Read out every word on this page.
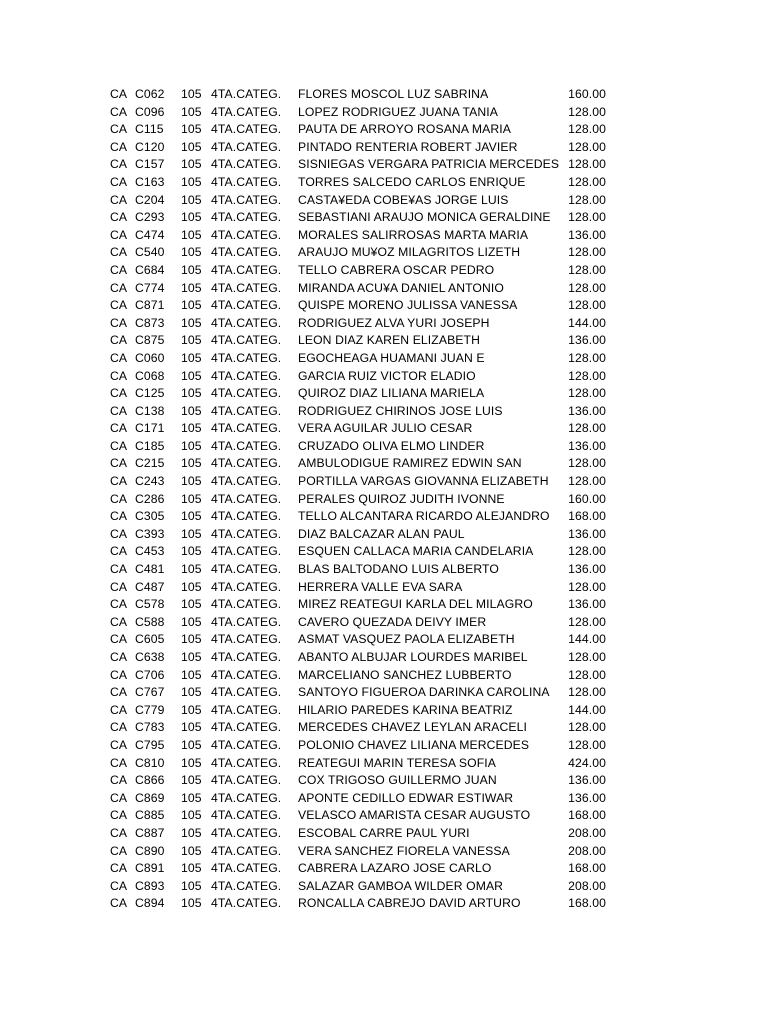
CA C062 105 4TA.CATEG. FLORES MOSCOL LUZ SABRINA	160.00
CA C096 105 4TA.CATEG. LOPEZ RODRIGUEZ JUANA TANIA	128.00
CA C115 105 4TA.CATEG. PAUTA DE ARROYO ROSANA MARIA	128.00
CA C120 105 4TA.CATEG. PINTADO RENTERIA ROBERT JAVIER	128.00
CA C157 105 4TA.CATEG. SISNIEGAS VERGARA PATRICIA MERCEDES 128.00
CA C163 105 4TA.CATEG. TORRES SALCEDO CARLOS ENRIQUE	128.00
CA C204 105 4TA.CATEG. CASTA¥EDA COBE¥AS JORGE LUIS	128.00
CA C293 105 4TA.CATEG. SEBASTIANI ARAUJO MONICA GERALDINE	128.00
CA C474 105 4TA.CATEG. MORALES SALIRROSAS MARTA MARIA	136.00
CA C540 105 4TA.CATEG. ARAUJO MU¥OZ MILAGRITOS LIZETH	128.00
CA C684 105 4TA.CATEG. TELLO CABRERA OSCAR PEDRO	128.00
CA C774 105 4TA.CATEG. MIRANDA ACU¥A DANIEL ANTONIO	128.00
CA C871 105 4TA.CATEG. QUISPE MORENO JULISSA VANESSA	128.00
CA C873 105 4TA.CATEG. RODRIGUEZ ALVA YURI JOSEPH	144.00
CA C875 105 4TA.CATEG. LEON DIAZ KAREN ELIZABETH	136.00
CA C060 105 4TA.CATEG. EGOCHEAGA HUAMANI JUAN E	128.00
CA C068 105 4TA.CATEG. GARCIA RUIZ VICTOR ELADIO	128.00
CA C125 105 4TA.CATEG. QUIROZ DIAZ LILIANA MARIELA	128.00
CA C138 105 4TA.CATEG. RODRIGUEZ CHIRINOS JOSE LUIS	136.00
CA C171 105 4TA.CATEG. VERA AGUILAR JULIO CESAR	128.00
CA C185 105 4TA.CATEG. CRUZADO OLIVA ELMO LINDER	136.00
CA C215 105 4TA.CATEG. AMBULODIGUE RAMIREZ EDWIN SAN	128.00
CA C243 105 4TA.CATEG. PORTILLA VARGAS GIOVANNA ELIZABETH	128.00
CA C286 105 4TA.CATEG. PERALES QUIROZ JUDITH IVONNE	160.00
CA C305 105 4TA.CATEG. TELLO ALCANTARA RICARDO ALEJANDRO	168.00
CA C393 105 4TA.CATEG. DIAZ BALCAZAR ALAN PAUL	136.00
CA C453 105 4TA.CATEG. ESQUEN CALLACA MARIA CANDELARIA	128.00
CA C481 105 4TA.CATEG. BLAS BALTODANO LUIS ALBERTO	136.00
CA C487 105 4TA.CATEG. HERRERA VALLE EVA SARA	128.00
CA C578 105 4TA.CATEG. MIREZ REATEGUI KARLA DEL MILAGRO	136.00
CA C588 105 4TA.CATEG. CAVERO QUEZADA DEIVY IMER	128.00
CA C605 105 4TA.CATEG. ASMAT VASQUEZ PAOLA ELIZABETH	144.00
CA C638 105 4TA.CATEG. ABANTO ALBUJAR LOURDES MARIBEL	128.00
CA C706 105 4TA.CATEG. MARCELIANO SANCHEZ LUBBERTO	128.00
CA C767 105 4TA.CATEG. SANTOYO FIGUEROA DARINKA CAROLINA	128.00
CA C779 105 4TA.CATEG. HILARIO PAREDES KARINA BEATRIZ	144.00
CA C783 105 4TA.CATEG. MERCEDES CHAVEZ LEYLAN ARACELI	128.00
CA C795 105 4TA.CATEG. POLONIO CHAVEZ LILIANA MERCEDES	128.00
CA C810 105 4TA.CATEG. REATEGUI MARIN TERESA SOFIA	424.00
CA C866 105 4TA.CATEG. COX TRIGOSO GUILLERMO JUAN	136.00
CA C869 105 4TA.CATEG. APONTE CEDILLO EDWAR ESTIWAR	136.00
CA C885 105 4TA.CATEG. VELASCO AMARISTA CESAR AUGUSTO	168.00
CA C887 105 4TA.CATEG. ESCOBAL CARRE PAUL YURI	208.00
CA C890 105 4TA.CATEG. VERA SANCHEZ FIORELA VANESSA	208.00
CA C891 105 4TA.CATEG. CABRERA LAZARO JOSE CARLO	168.00
CA C893 105 4TA.CATEG. SALAZAR GAMBOA WILDER OMAR	208.00
CA C894 105 4TA.CATEG. RONCALLA CABREJO DAVID ARTURO	168.00
